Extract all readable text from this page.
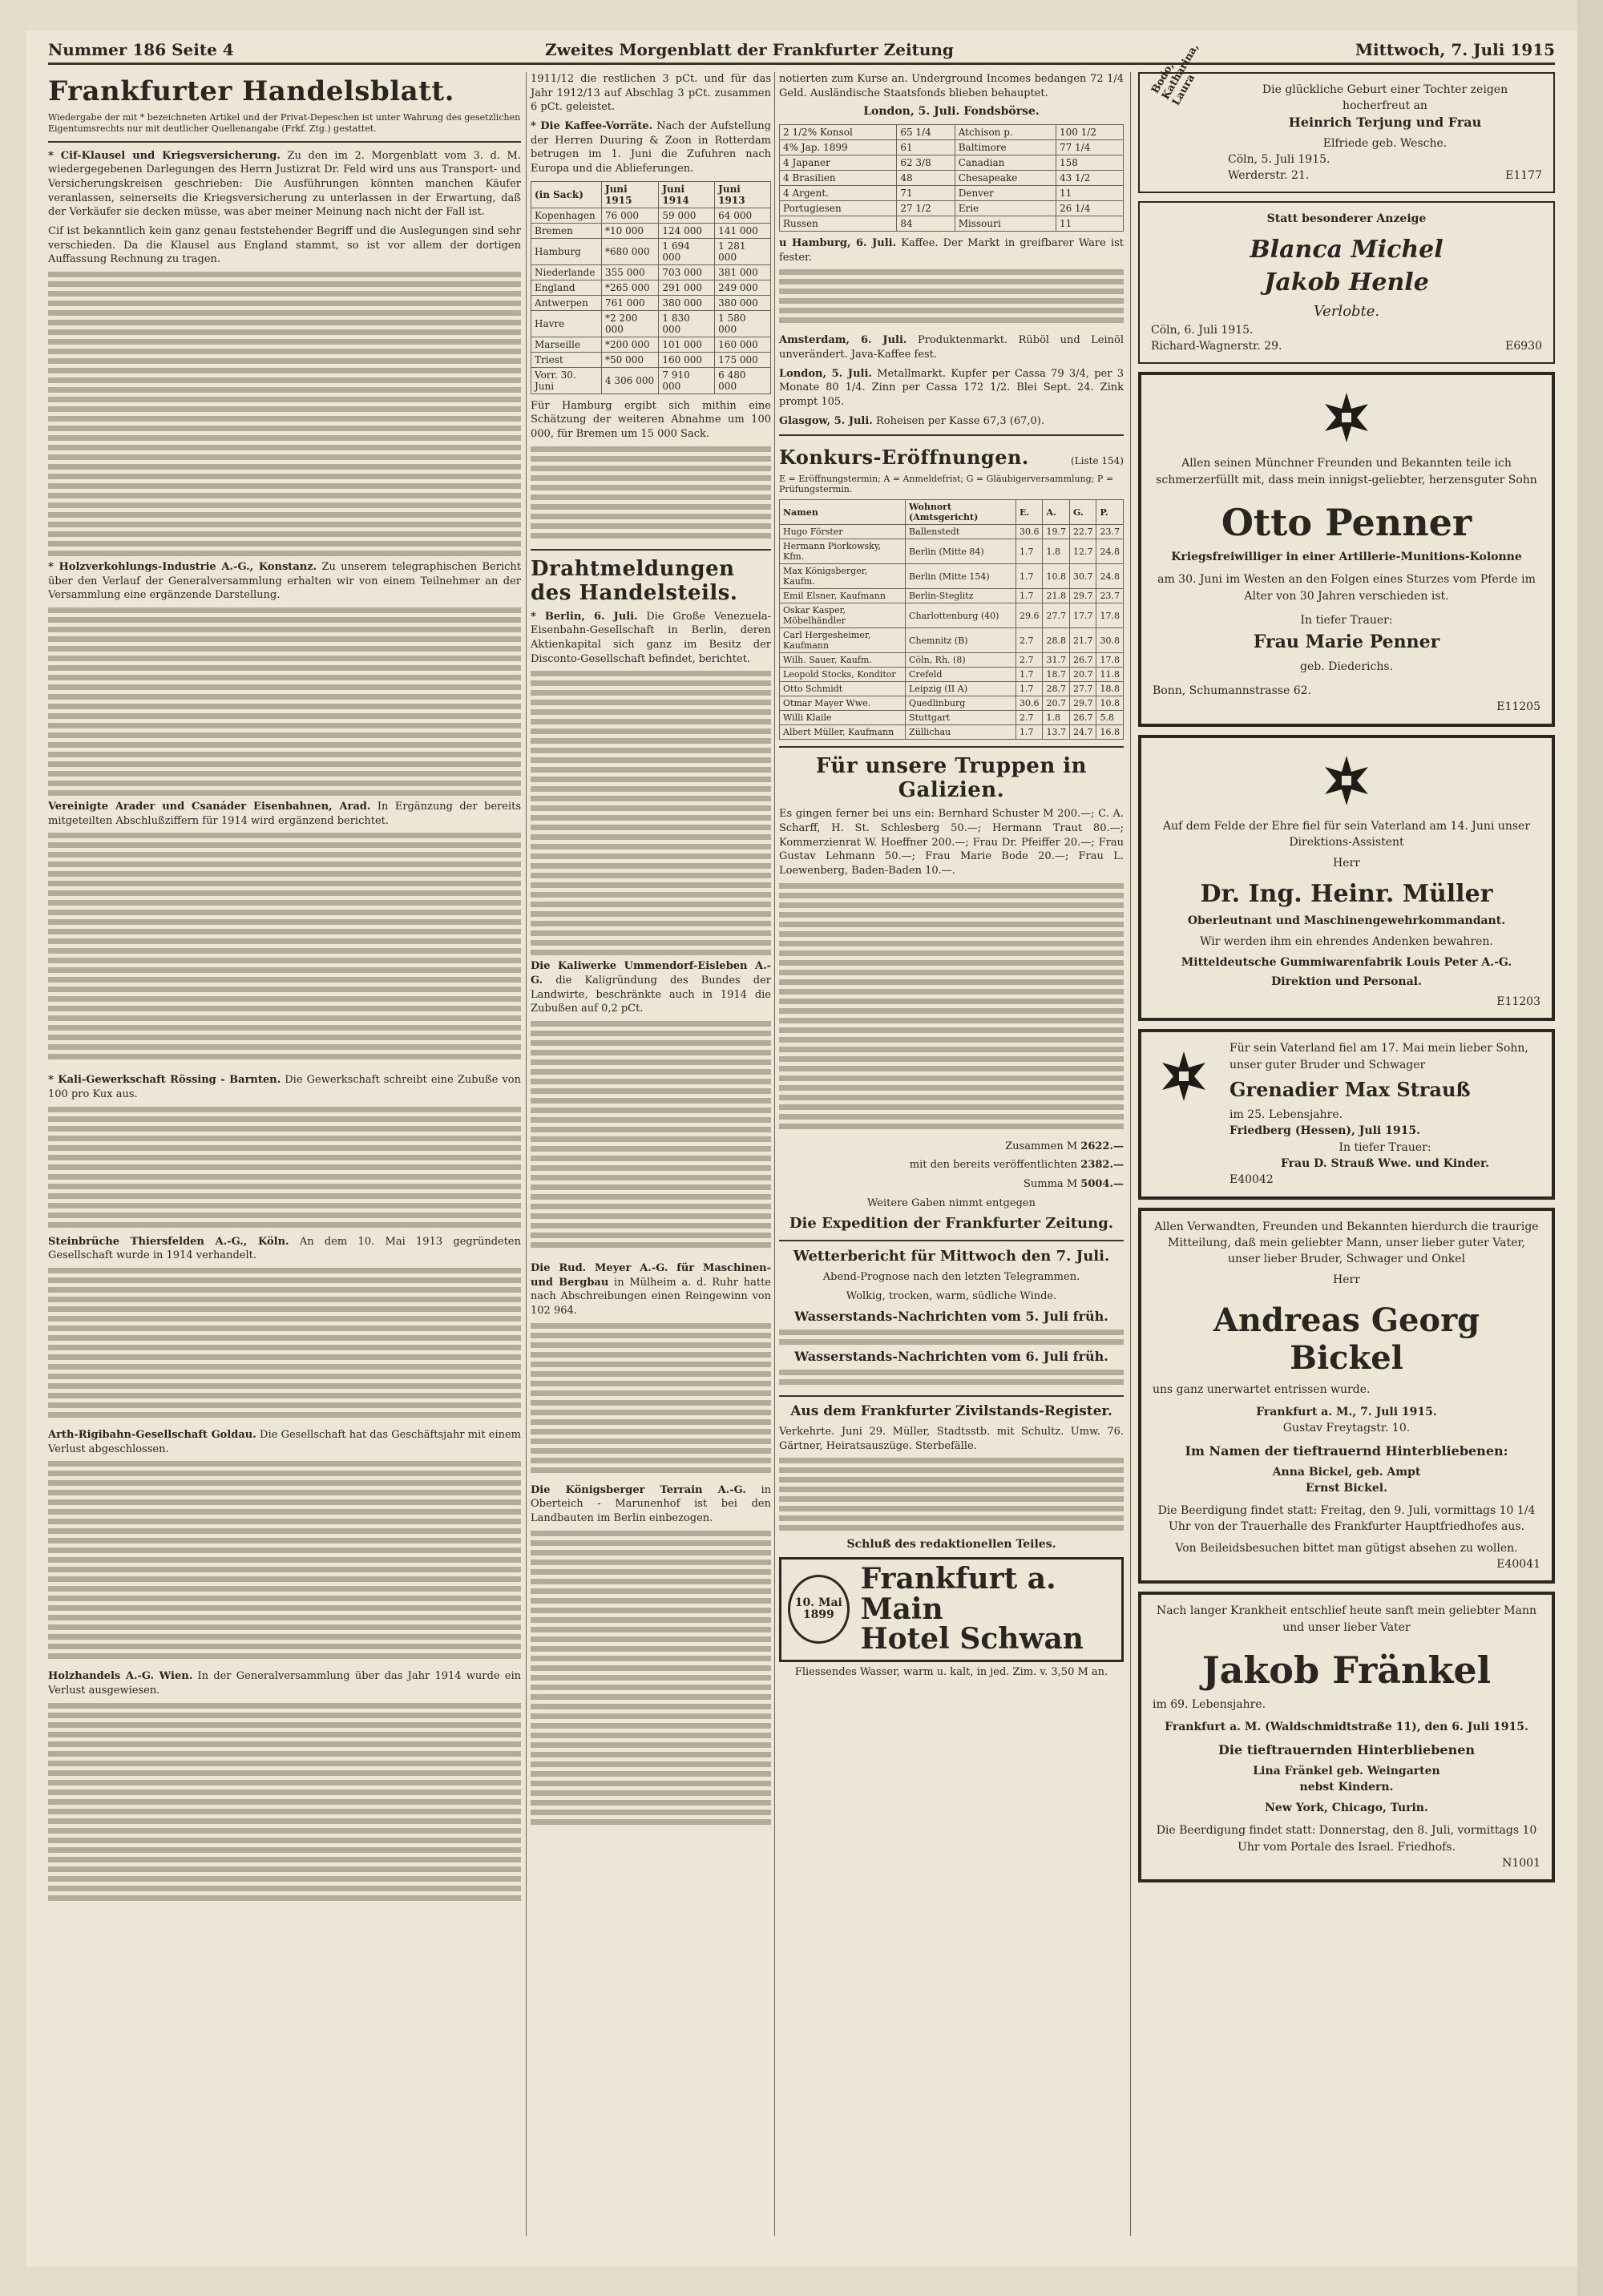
Nummer 186 Seite 4	Zweites Morgenblatt der Frankfurter Zeitung	Mittwoch, 7. Juli 1915
Frankfurter Handelsblatt.
Wiedergabe der mit * bezeichneten Artikel und der Privat-Depeschen ist unter Wahrung des gesetzlichen Eigentumsrechts nur mit deutlicher Quellenangabe (Frkf. Ztg.) gestattet.

* Cif-Klausel und Kriegsversicherung. Zu den im 2. Morgenblatt vom 3. d. M. wiedergegebenen Darlegungen des Herrn Justizrat Dr. Feld wird uns aus Transport- und Versicherungskreisen geschrieben: Die Ausführungen könnten manchen Käufer veranlassen, seinerseits die Kriegsversicherung zu unterlassen in der Erwartung, daß der Verkäufer sie decken müsse, was aber meiner Meinung nach nicht der Fall ist.

Cif ist bekanntlich kein ganz genau feststehender Begriff und die Auslegungen sind sehr verschieden. Da die Klausel aus England stammt, so ist vor allem der dortigen Auffassung Rechnung zu tragen.

* Holzverkohlungs-Industrie A.-G., Konstanz. Zu unserem telegraphischen Bericht über den Verlauf der Generalversammlung erhalten wir von einem Teilnehmer an der Versammlung eine ergänzende Darstellung.

Vereinigte Arader und Csanáder Eisenbahnen, Arad. In Ergänzung der bereits mitgeteilten Abschlußziffern für 1914 wird ergänzend berichtet.

* Kali-Gewerkschaft Rössing - Barnten. Die Gewerkschaft schreibt eine Zubuße von 100 pro Kux aus.

Steinbrüche Thiersfelden A.-G., Köln. An dem 10. Mai 1913 gegründeten Gesellschaft wurde in 1914 verhandelt.

Arth-Rigibahn-Gesellschaft Goldau. Die Gesellschaft hat das Geschäftsjahr mit einem Verlust abgeschlossen.

Holzhandels A.-G. Wien. In der Generalversammlung über das Jahr 1914 wurde ein Verlust ausgewiesen.

1911/12 die restlichen 3 pCt. und für das Jahr 1912/13 auf Abschlag 3 pCt. zusammen 6 pCt. geleistet.

* Die Kaffee-Vorräte. Nach der Aufstellung der Herren Duuring & Zoon in Rotterdam betrugen im 1. Juni die Zufuhren nach Europa und die Ablieferungen.

(in Sack)	Juni 1915	Juni 1914	Juni 1913
Kopenhagen	76 000	59 000	64 000
Bremen	*10 000	124 000	141 000
Hamburg	*680 000	1 694 000	1 281 000
Niederlande	355 000	703 000	381 000
England	*265 000	291 000	249 000
Antwerpen	761 000	380 000	380 000
Havre	*2 200 000	1 830 000	1 580 000
Marseille	*200 000	101 000	160 000
Triest	*50 000	160 000	175 000
Vorr. 30. Juni	4 306 000	7 910 000	6 480 000

Für Hamburg ergibt sich mithin eine Schätzung der weiteren Abnahme um 100 000, für Bremen um 15 000 Sack.

Drahtmeldungen des Handelsteils.

* Berlin, 6. Juli. Die Große Venezuela-Eisenbahn-Gesellschaft in Berlin, deren Aktienkapital sich ganz im Besitz der Disconto-Gesellschaft befindet, berichtet.

Die Kaliwerke Ummendorf-Eisleben A.-G. die Kaligründung des Bundes der Landwirte, beschränkte auch in 1914 die Zubußen auf 0,2 pCt.

Die Rud. Meyer A.-G. für Maschinen- und Bergbau in Mülheim a. d. Ruhr hatte nach Abschreibungen einen Reingewinn von 102 964.

Die Königsberger Terrain A.-G. in Oberteich - Marunenhof ist bei den Landbauten im Berlin einbezogen.

notierten zum Kurse an. Underground Incomes bedangen 72 1/4 Geld. Ausländische Staatsfonds blieben behauptet.

London, 5. Juli. Fondsbörse.
2 1/2% Konsol	65 1/4	Atchison p.	100 1/2
4% Jap. 1899	61	Baltimore	77 1/4
4 Japaner	62 3/8	Canadian	158
4 Brasilien	48	Chesapeake	43 1/2
4 Argent.	71	Denver	11
Portugiesen	27 1/2	Erie	26 1/4
Russen	84	Missouri	11

u Hamburg, 6. Juli. Kaffee. Der Markt in greifbarer Ware ist fester.

Amsterdam, 6. Juli. Produktenmarkt. Rüböl und Leinöl unverändert. Java-Kaffee fest.

London, 5. Juli. Metallmarkt. Kupfer per Cassa 79 3/4, per 3 Monate 80 1/4. Zinn per Cassa 172 1/2. Blei Sept. 24. Zink prompt 105.

Glasgow, 5. Juli. Roheisen per Kasse 67,3 (67,0).

Konkurs-Eröffnungen.	(Liste 154)
E = Eröffnungstermin; A = Anmeldefrist; G = Gläubigerversammlung; P = Prüfungstermin.
Namen	Wohnort (Amtsgericht)	E.	A.	G.	P.
Hugo Förster	Ballenstedt	30.6	19.7	22.7	23.7
Hermann Piorkowsky, Kfm.	Berlin (Mitte 84)	1.7	1.8	12.7	24.8
Max Königsberger, Kaufm.	Berlin (Mitte 154)	1.7	10.8	30.7	24.8
Emil Elsner, Kaufmann	Berlin-Steglitz	1.7	21.8	29.7	23.7
Oskar Kasper, Möbelhändler	Charlottenburg (40)	29.6	27.7	17.7	17.8
Carl Hergesheimer, Kaufmann	Chemnitz (B)	2.7	28.8	21.7	30.8
Wilh. Sauer, Kaufm.	Cöln, Rh. (8)	2.7	31.7	26.7	17.8
Leopold Stocks, Konditor	Crefeld	1.7	18.7	20.7	11.8
Otto Schmidt	Leipzig (II A)	1.7	28.7	27.7	18.8
Otmar Mayer Wwe.	Quedlinburg	30.6	20.7	29.7	10.8
Willi Klaile	Stuttgart	2.7	1.8	26.7	5.8
Albert Müller, Kaufmann	Züllichau	1.7	13.7	24.7	16.8
Für unsere Truppen in Galizien.

Es gingen ferner bei uns ein: Bernhard Schuster M 200.—; C. A. Scharff, H. St. Schlesberg 50.—; Hermann Traut 80.—; Kommerzienrat W. Hoeffner 200.—; Frau Dr. Pfeiffer 20.—; Frau Gustav Lehmann 50.—; Frau Marie Bode 20.—; Frau L. Loewenberg, Baden-Baden 10.—.

Zusammen M 2622.—
mit den bereits veröffentlichten 2382.—
Summa M 5004.—
Weitere Gaben nimmt entgegen
Die Expedition der Frankfurter Zeitung.
Wetterbericht für Mittwoch den 7. Juli.
Abend-Prognose nach den letzten Telegrammen.
Wolkig, trocken, warm, südliche Winde.
Wasserstands-Nachrichten vom 5. Juli früh.
Wasserstands-Nachrichten vom 6. Juli früh.
Aus dem Frankfurter Zivilstands-Register.

Verkehrte. Juni 29. Müller, Stadtsstb. mit Schultz. Umw. 76. Gärtner, Heiratsauszüge. Sterbefälle.

Schluß des redaktionellen Teiles.
10. Mai 1899
Frankfurt a. Main
Hotel Schwan
Fliessendes Wasser, warm u. kalt, in jed. Zim. v. 3,50 M an.
Bodo, Katharina, Laura	Die glückliche Geburt einer Tochter zeigen hocherfreut an
Heinrich Terjung und Frau
Elfriede geb. Wesche.
Cöln, 5. Juli 1915.
Werderstr. 21.	E1177
Statt besonderer Anzeige
Blanca Michel
Jakob Henle
Verlobte.
Cöln, 6. Juli 1915.
Richard-Wagnerstr. 29.	E6930
Allen seinen Münchner Freunden und Bekannten teile ich schmerzerfüllt mit, dass mein innigst-geliebter, herzensguter Sohn
Otto Penner
Kriegsfreiwilliger in einer Artillerie-Munitions-Kolonne
am 30. Juni im Westen an den Folgen eines Sturzes vom Pferde im Alter von 30 Jahren verschieden ist.
In tiefer Trauer:
Frau Marie Penner
geb. Diederichs.
Bonn, Schumannstrasse 62.
E11205
Auf dem Felde der Ehre fiel für sein Vaterland am 14. Juni unser Direktions-Assistent
Herr
Dr. Ing. Heinr. Müller
Oberleutnant und Maschinengewehrkommandant.
Wir werden ihm ein ehrendes Andenken bewahren.
Mitteldeutsche Gummiwarenfabrik Louis Peter A.-G.
Direktion und Personal.
E11203
Für sein Vaterland fiel am 17. Mai mein lieber Sohn, unser guter Bruder und Schwager
Grenadier Max Strauß
im 25. Lebensjahre.
Friedberg (Hessen), Juli 1915.
In tiefer Trauer:
Frau D. Strauß Wwe. und Kinder.
E40042
Allen Verwandten, Freunden und Bekannten hierdurch die traurige Mitteilung, daß mein geliebter Mann, unser lieber guter Vater, unser lieber Bruder, Schwager und Onkel
Herr
Andreas Georg Bickel
uns ganz unerwartet entrissen wurde.
Frankfurt a. M., 7. Juli 1915.
Gustav Freytagstr. 10.
Im Namen der tieftrauernd Hinterbliebenen:
Anna Bickel, geb. Ampt
Ernst Bickel.
Die Beerdigung findet statt: Freitag, den 9. Juli, vormittags 10 1/4 Uhr von der Trauerhalle des Frankfurter Hauptfriedhofes aus.
Von Beileidsbesuchen bittet man gütigst absehen zu wollen.
E40041
Nach langer Krankheit entschlief heute sanft mein geliebter Mann und unser lieber Vater
Jakob Fränkel
im 69. Lebensjahre.
Frankfurt a. M. (Waldschmidtstraße 11), den 6. Juli 1915.
Die tieftrauernden Hinterbliebenen
Lina Fränkel geb. Weingarten
nebst Kindern.
New York, Chicago, Turin.
Die Beerdigung findet statt: Donnerstag, den 8. Juli, vormittags 10 Uhr vom Portale des Israel. Friedhofs.
N1001
